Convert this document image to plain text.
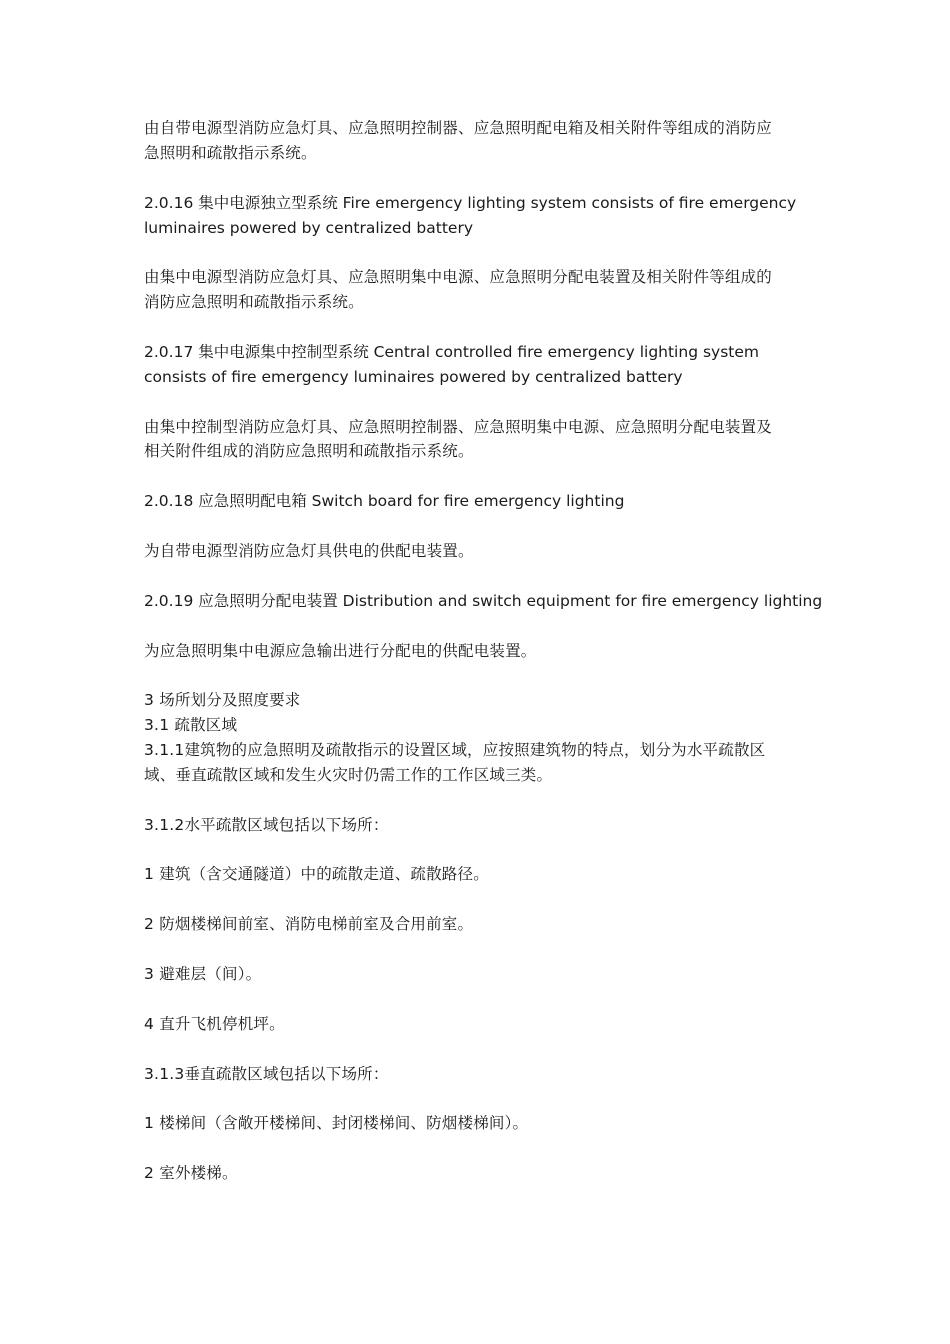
由自带电源型消防应急灯具、应急照明控制器、应急照明配电箱及相关附件等组成的消防应

急照明和疏散指示系统。

2.0.16 集中电源独立型系统 Fire emergency lighting system consists of fire emergency

luminaires powered by centralized battery

由集中电源型消防应急灯具、应急照明集中电源、应急照明分配电装置及相关附件等组成的

消防应急照明和疏散指示系统。

2.0.17 集中电源集中控制型系统 Central controlled fire emergency lighting system

consists of fire emergency luminaires powered by centralized battery

由集中控制型消防应急灯具、应急照明控制器、应急照明集中电源、应急照明分配电装置及

相关附件组成的消防应急照明和疏散指示系统。

2.0.18 应急照明配电箱 Switch board for fire emergency lighting

为自带电源型消防应急灯具供电的供配电装置。

2.0.19 应急照明分配电装置 Distribution and switch equipment for fire emergency lighting

为应急照明集中电源应急输出进行分配电的供配电装置。

3 场所划分及照度要求

3.1 疏散区域

3.1.1建筑物的应急照明及疏散指示的设置区域，应按照建筑物的特点，划分为水平疏散区

域、垂直疏散区域和发生火灾时仍需工作的工作区域三类。

3.1.2水平疏散区域包括以下场所：

1 建筑（含交通隧道）中的疏散走道、疏散路径。

2 防烟楼梯间前室、消防电梯前室及合用前室。

3 避难层（间）。

4 直升飞机停机坪。

3.1.3垂直疏散区域包括以下场所：

1 楼梯间（含敞开楼梯间、封闭楼梯间、防烟楼梯间）。

2 室外楼梯。
